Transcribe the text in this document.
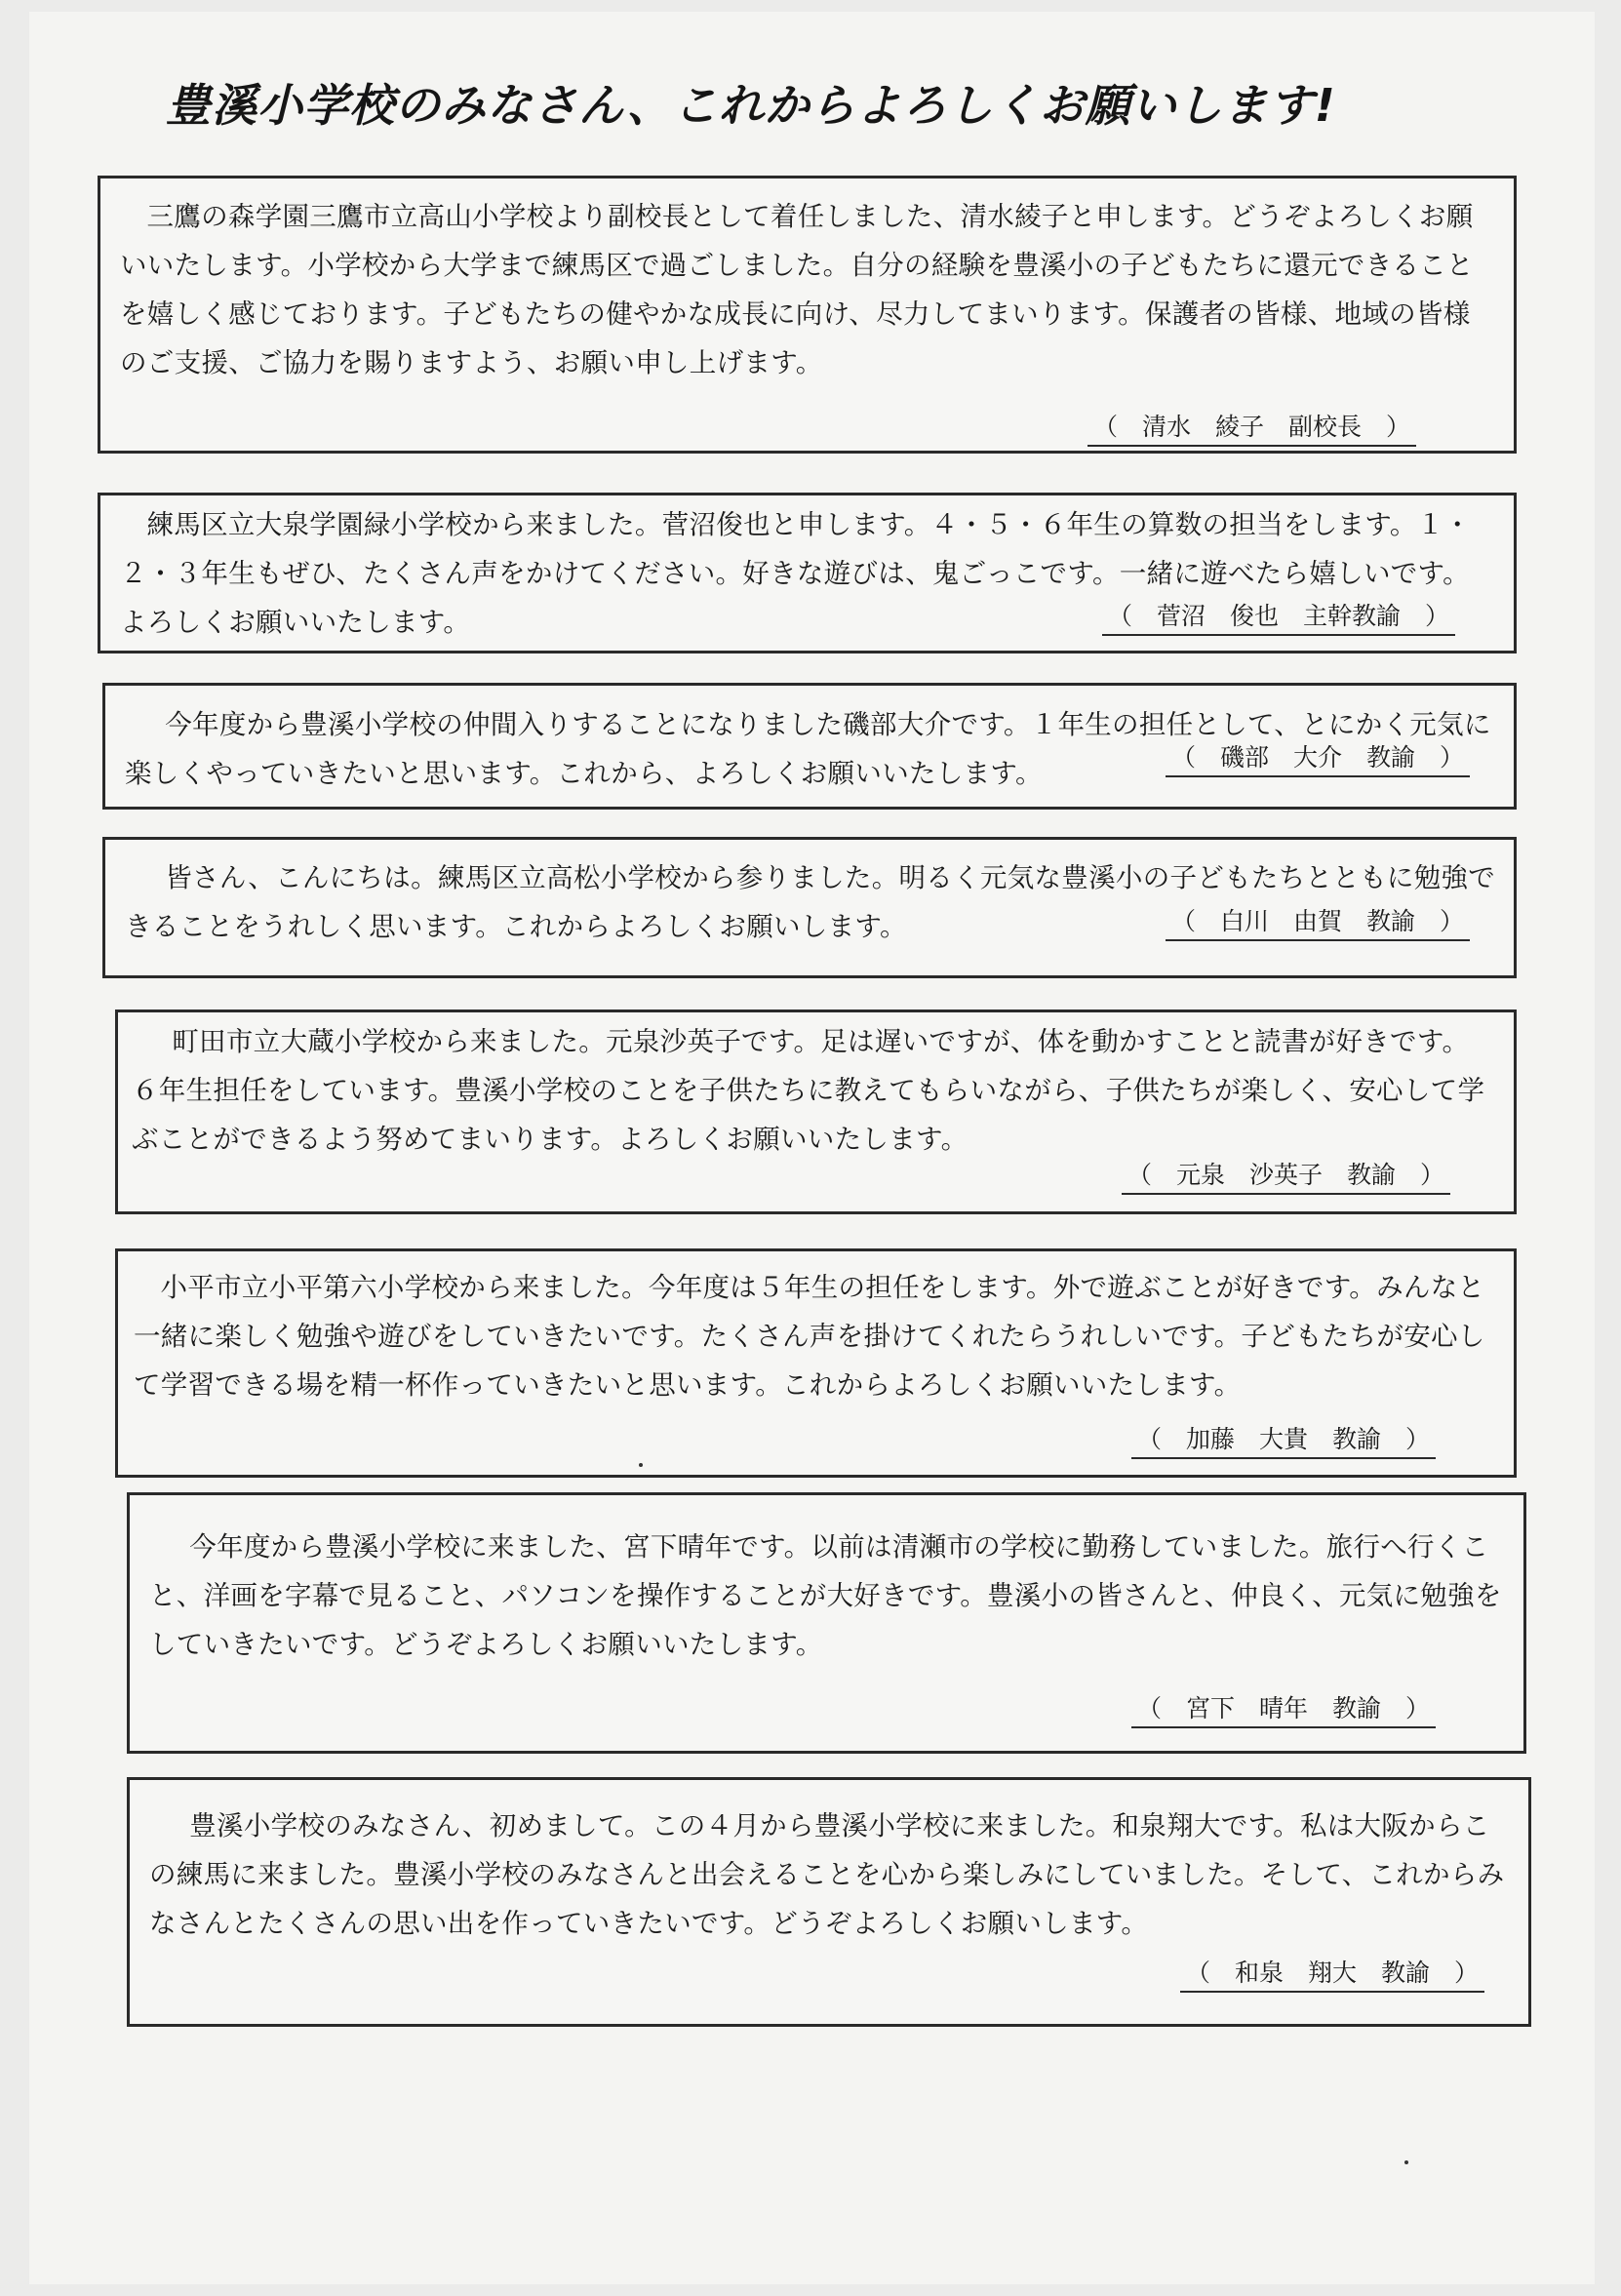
豊溪小学校のみなさん、これからよろしくお願いします!

三鷹の森学園三鷹市立高山小学校より副校長として着任しました、清水綾子と申します。どうぞよろしくお願いいたします。小学校から大学まで練馬区で過ごしました。自分の経験を豊溪小の子どもたちに還元できることを嬉しく感じております。子どもたちの健やかな成長に向け、尽力してまいります。保護者の皆様、地域の皆様のご支援、ご協力を賜りますよう、お願い申し上げます。

（　清水　綾子　副校長　）

練馬区立大泉学園緑小学校から来ました。菅沼俊也と申します。４・５・６年生の算数の担当をします。１・２・３年生もぜひ、たくさん声をかけてください。好きな遊びは、鬼ごっこです。一緒に遊べたら嬉しいです。よろしくお願いいたします。	（　菅沼　俊也　主幹教諭　）

今年度から豊溪小学校の仲間入りすることになりました磯部大介です。１年生の担任として、とにかく元気に楽しくやっていきたいと思います。これから、よろしくお願いいたします。

（　磯部　大介　教諭　）

皆さん、こんにちは。練馬区立高松小学校から参りました。明るく元気な豊溪小の子どもたちとともに勉強できることをうれしく思います。これからよろしくお願いします。	（　白川　由賀　教諭　）

町田市立大蔵小学校から来ました。元泉沙英子です。足は遅いですが、体を動かすことと読書が好きです。６年生担任をしています。豊溪小学校のことを子供たちに教えてもらいながら、子供たちが楽しく、安心して学ぶことができるよう努めてまいります。よろしくお願いいたします。

（　元泉　沙英子　教諭　）

小平市立小平第六小学校から来ました。今年度は５年生の担任をします。外で遊ぶことが好きです。みんなと一緒に楽しく勉強や遊びをしていきたいです。たくさん声を掛けてくれたらうれしいです。子どもたちが安心して学習できる場を精一杯作っていきたいと思います。これからよろしくお願いいたします。

（　加藤　大貴　教諭　）

今年度から豊溪小学校に来ました、宮下晴年です。以前は清瀬市の学校に勤務していました。旅行へ行くこと、洋画を字幕で見ること、パソコンを操作することが大好きです。豊溪小の皆さんと、仲良く、元気に勉強をしていきたいです。どうぞよろしくお願いいたします。

（　宮下　晴年　教諭　）

豊溪小学校のみなさん、初めまして。この４月から豊溪小学校に来ました。和泉翔大です。私は大阪からこの練馬に来ました。豊溪小学校のみなさんと出会えることを心から楽しみにしていました。そして、これからみなさんとたくさんの思い出を作っていきたいです。どうぞよろしくお願いします。

（　和泉　翔大　教諭　）
